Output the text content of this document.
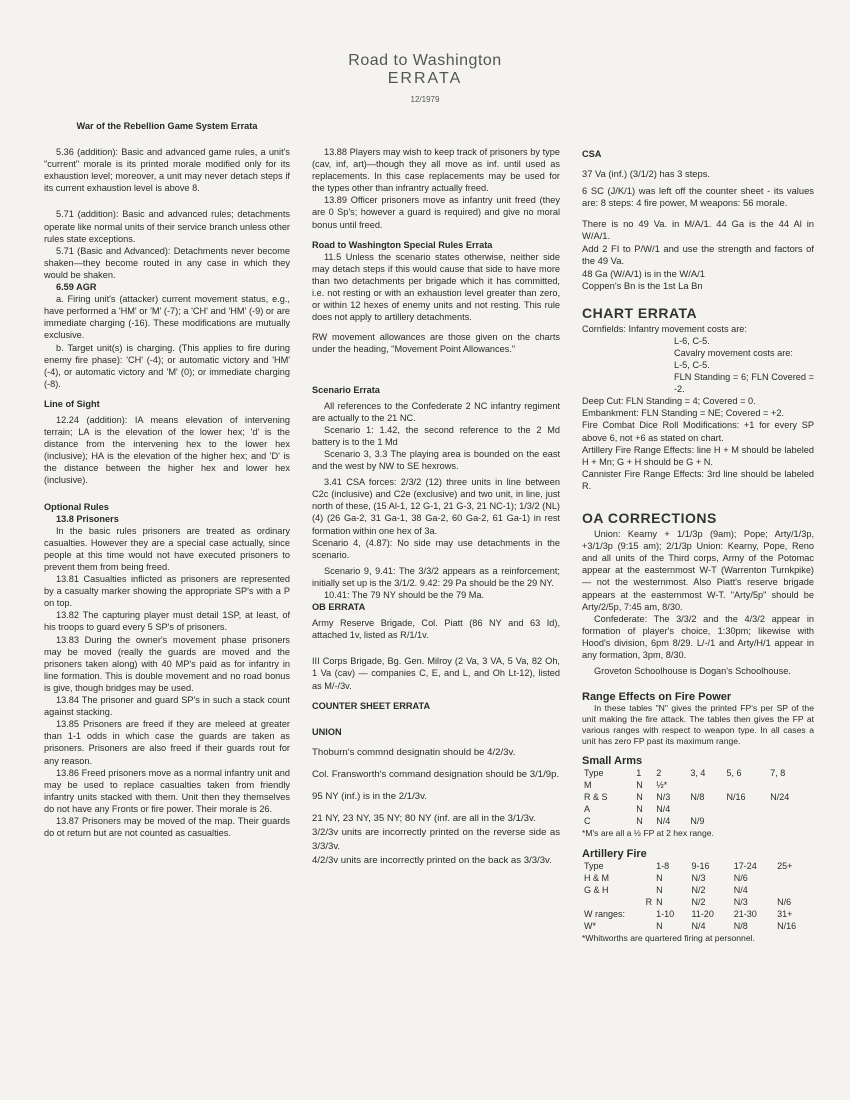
Road to Washington
ERRATA
12/1979

War of the Rebellion Game System Errata

5.36 (addition): Basic and advanced game rules, a unit's "current" morale is its printed morale modified only for its exhaustion level; moreover, a unit may never detach steps if its current exhaustion level is above 8.

5.71 (addition): Basic and advanced rules; detachments operate like normal units of their service branch unless other rules state exceptions.

5.71 (Basic and Advanced): Detachments never become shaken—they become routed in any case in which they would be shaken.

6.59 AGR

a. Firing unit's (attacker) current movement status, e.g., have performed a 'HM' or 'M' (-7); a 'CH' and 'HM' (-9) or are immediate charging (-16). These modifications are mutually exclusive.

b. Target unit(s) is charging. (This applies to fire during enemy fire phase): 'CH' (-4); or automatic victory and 'HM' (-4), or automatic victory and 'M' (0); or immediate charging (-8).

Line of Sight

12.24 (addition): IA means elevation of intervening terrain; LA is the elevation of the lower hex; 'd' is the distance from the intervening hex to the lower hex (inclusive); HA is the elevation of the higher hex; and 'D' is the distance between the higher hex and lower hex (inclusive).

Optional Rules

13.8 Prisoners

In the basic rules prisoners are treated as ordinary casualties. However they are a special case actually, since people at this time would not have executed prisoners to prevent them from being freed.

13.81 Casualties inflicted as prisoners are represented by a casualty marker showing the appropriate SP's with a P on top.

13.82 The capturing player must detail 1SP, at least, of his troops to guard every 5 SP's of prisoners.

13.83 During the owner's movement phase prisoners may be moved (really the guards are moved and the prisoners taken along) with 40 MP's paid as for infantry in line formation. This is double movement and no road bonus is give, though bridges may be used.

13.84 The prisoner and guard SP's in such a stack count against stacking.

13.85 Prisoners are freed if they are meleed at greater than 1-1 odds in which case the guards are taken as prisoners. Prisoners are also freed if their guards rout for any reason.

13.86 Freed prisoners move as a normal infantry unit and may be used to replace casualties taken from friendly infantry units stacked with them. Unit then they themselves do not have any Fronts or fire power. Their morale is 26.

13.87 Prisoners may be moved of the map. Their guards do ot return but are not counted as casualties.

13.88 Players may wish to keep track of prisoners by type (cav, inf, art)—though they all move as inf. until used as replacements. In this case replacements may be used for the types other than infrantry actually freed.

13.89 Officer prisoners move as infantry unit freed (they are 0 Sp's; however a guard is required) and give no moral bonus until freed.

Road to Washington Special Rules Errata

11.5 Unless the scenario states otherwise, neither side may detach steps if this would cause that side to have more than two detachments per brigade which it has committed, i.e. not resting or with an exhaustion level greater than zero, or within 12 hexes of enemy units and not resting. This rule does not apply to artillery detachments.

RW movement allowances are those given on the charts under the heading, "Movement Point Allowances."

Scenario Errata

All references to the Confederate 2 NC infantry regiment are actually to the 21 NC.

Scenario 1: 1.42, the second reference to the 2 Md battery is to the 1 Md

Scenario 3, 3.3 The playing area is bounded on the east and the west by NW to SE hexrows.

3.41 CSA forces: 2/3/2 (12) three units in line between C2c (inclusive) and C2e (exclusive) and two unit, in line, just north of these, (15 Al-1, 12 G-1, 21 G-3, 21 NC-1); 1/3/2 (NL) (4) (26 Ga-2, 31 Ga-1, 38 Ga-2, 60 Ga-2, 61 Ga-1) in rest formation within one hex of 3a.

Scenario 4, (4.87): No side may use detachments in the scenario.

Scenario 9, 9.41: The 3/3/2 appears as a reinforcement; initially set up is the 3/1/2. 9.42: 29 Pa should be the 29 NY.

10.41: The 79 NY should be the 79 Ma.

OB ERRATA

Army Reserve Brigade, Col. Piatt (86 NY and 63 Id), attached 1v, listed as R/1/1v.

III Corps Brigade, Bg. Gen. Milroy (2 Va, 3 VA, 5 Va, 82 Oh, 1 Va (cav) — companies C, E, and L, and Oh Lt-12), listed as M/-/3v.

COUNTER SHEET ERRATA

UNION

Thoburn's commnd designatin should be 4/2/3v.

Col. Fransworth's command designation should be 3/1/9p.

95 NY (inf.) is in the 2/1/3v.

21 NY, 23 NY, 35 NY; 80 NY (inf. are all in the 3/1/3v.

3/2/3v units are incorrectly printed on the reverse side as 3/3/3v.

4/2/3v units are incorrectly printed on the back as 3/3/3v.

CSA

37 Va (inf.) (3/1/2) has 3 steps.

6 SC (J/K/1) was left off the counter sheet - its values are: 8 steps: 4 fire power, M weapons: 56 morale.

There is no 49 Va. in M/A/1. 44 Ga is the 44 Al in W/A/1.

Add 2 FI to P/W/1 and use the strength and factors of the 49 Va.

48 Ga (W/A/1) is in the W/A/1

Coppen's Bn is the 1st La Bn

CHART ERRATA

Cornfields: Infantry movement costs are:

L-6, C-5.

Cavalry movement costs are:

L-5, C-5.

FLN Standing = 6; FLN Covered = -2.

Deep Cut: FLN Standing = 4; Covered = 0.

Embankment: FLN Standing = NE; Covered = +2.

Fire Combat Dice Roll Modifications: +1 for every SP above 6, not +6 as stated on chart.

Artillery Fire Range Effects: line H + M should be labeled H + Mn; G + H should be G + N.

Cannister Fire Range Effects: 3rd line should be labeled R.

OA CORRECTIONS

Union: Kearny + 1/1/3p (9am); Pope; Arty/1/3p, +3/1/3p (9:15 am); 2/1/3p Union: Kearny, Pope, Reno and all units of the Third corps, Army of the Potomac appear at the easternmost W-T (Warrenton Turnkpike) — not the westernmost. Also Piatt's reserve brigade appears at the easternmost W-T. "Arty/5p" should be Arty/2/5p, 7:45 am, 8/30.

Confederate: The 3/3/2 and the 4/3/2 appear in formation of player's choice, 1:30pm; likewise with Hood's division, 6pm 8/29. L/-/1 and Arty/H/1 appear in any formation, 3pm, 8/30.

Groveton Schoolhouse is Dogan's Schoolhouse.

Range Effects on Fire Power

In these tables "N" gives the printed FP's per SP of the unit making the fire attack. The tables then gives the FP at various ranges with respect to weapon type. In all cases a unit has zero FP past its maximum range.

Small Arms

Type	1	2	3, 4	5, 6	7, 8
M	N	½*			
R & S	N	N/3	N/8	N/16	N/24
A	N	N/4			
C	N	N/4	N/9		

*M's are all a ½ FP at 2 hex range.

Artillery Fire

Type	1-8	9-16	17-24	25+
H & M	N	N/3	N/6	
G & H	N	N/2	N/4	
R	N	N/2	N/3	N/6
W ranges:	1-10	11-20	21-30	31+
W*	N	N/4	N/8	N/16

*Whitworths are quartered firing at personnel.
